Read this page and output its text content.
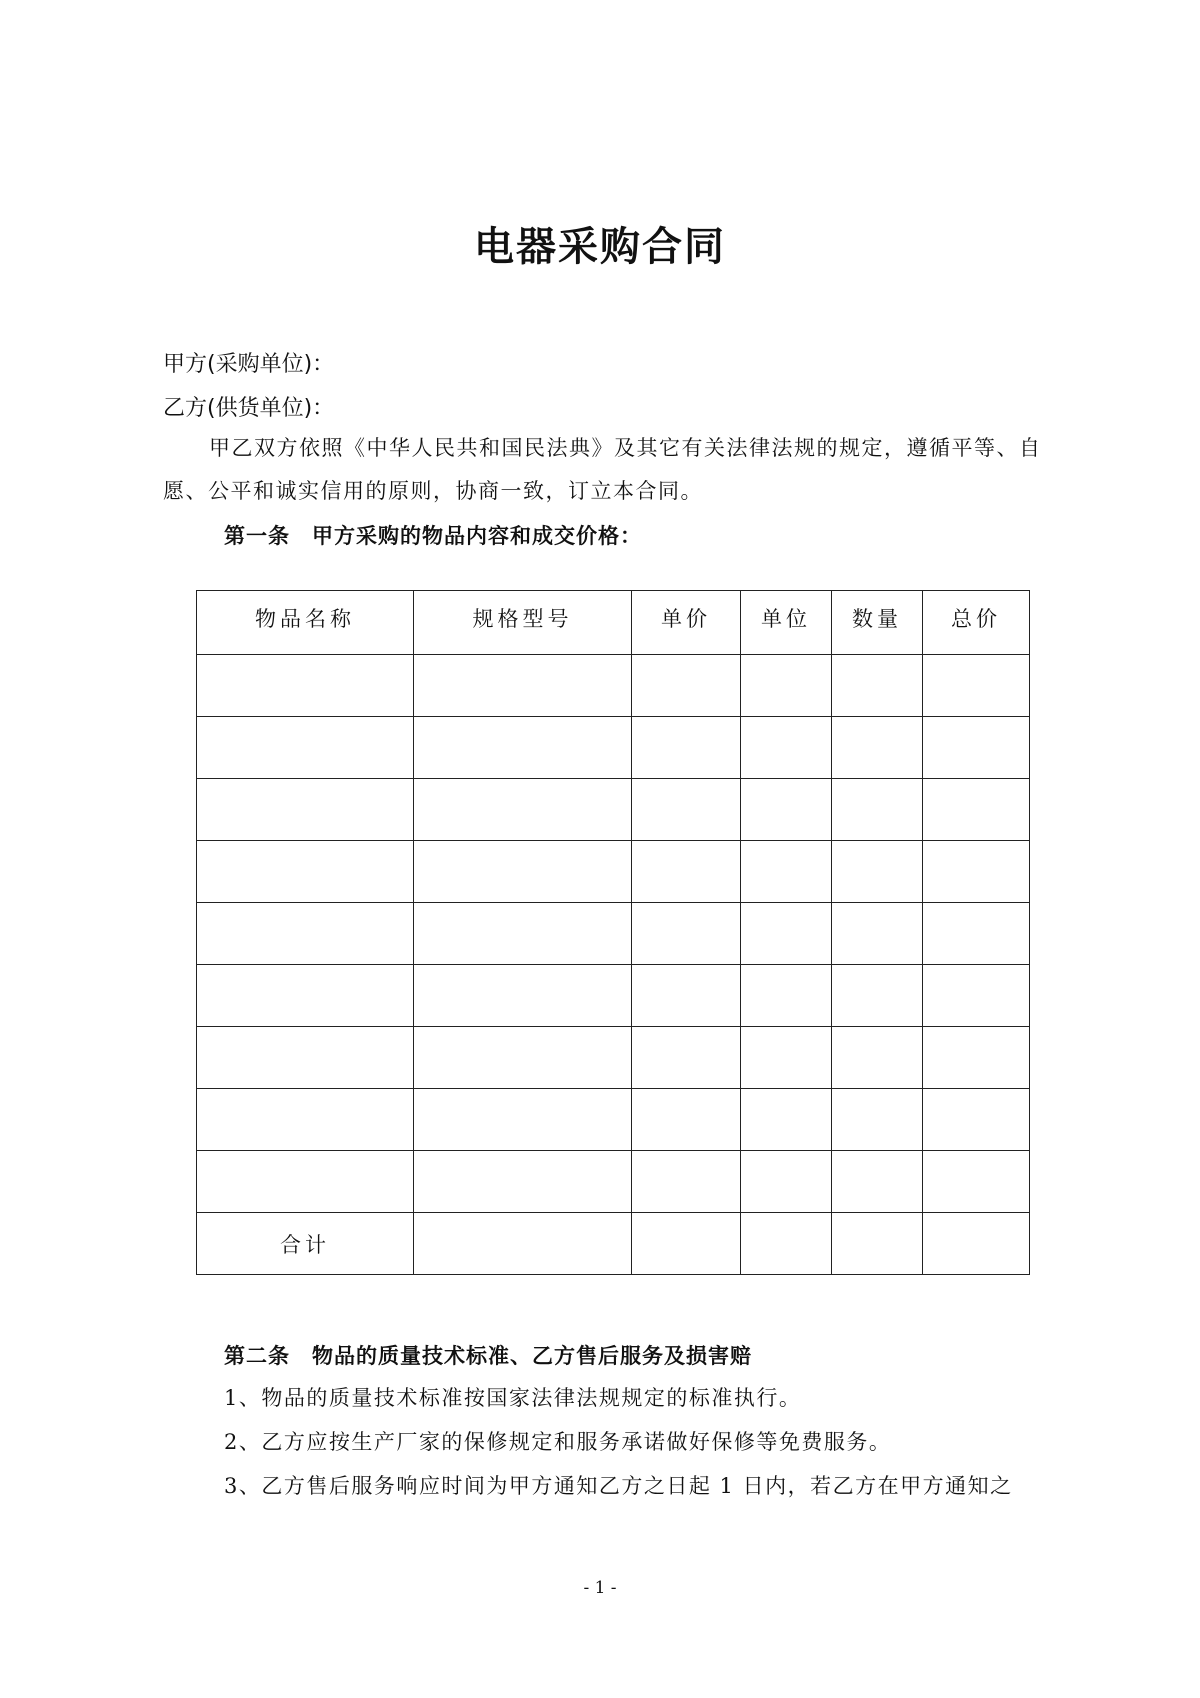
电器采购合同
甲方(采购单位)：
乙方(供货单位)：
甲乙双方依照《中华人民共和国民法典》及其它有关法律法规的规定，遵循平等、自愿、公平和诚实信用的原则，协商一致，订立本合同。
第一条　甲方采购的物品内容和成交价格：
物品名称	规格型号	单价	单位	数量	总价

合计					
第二条　物品的质量技术标准、乙方售后服务及损害赔
1、物品的质量技术标准按国家法律法规规定的标准执行。
2、乙方应按生产厂家的保修规定和服务承诺做好保修等免费服务。
3、乙方售后服务响应时间为甲方通知乙方之日起 1 日内，若乙方在甲方通知之
- 1 -
